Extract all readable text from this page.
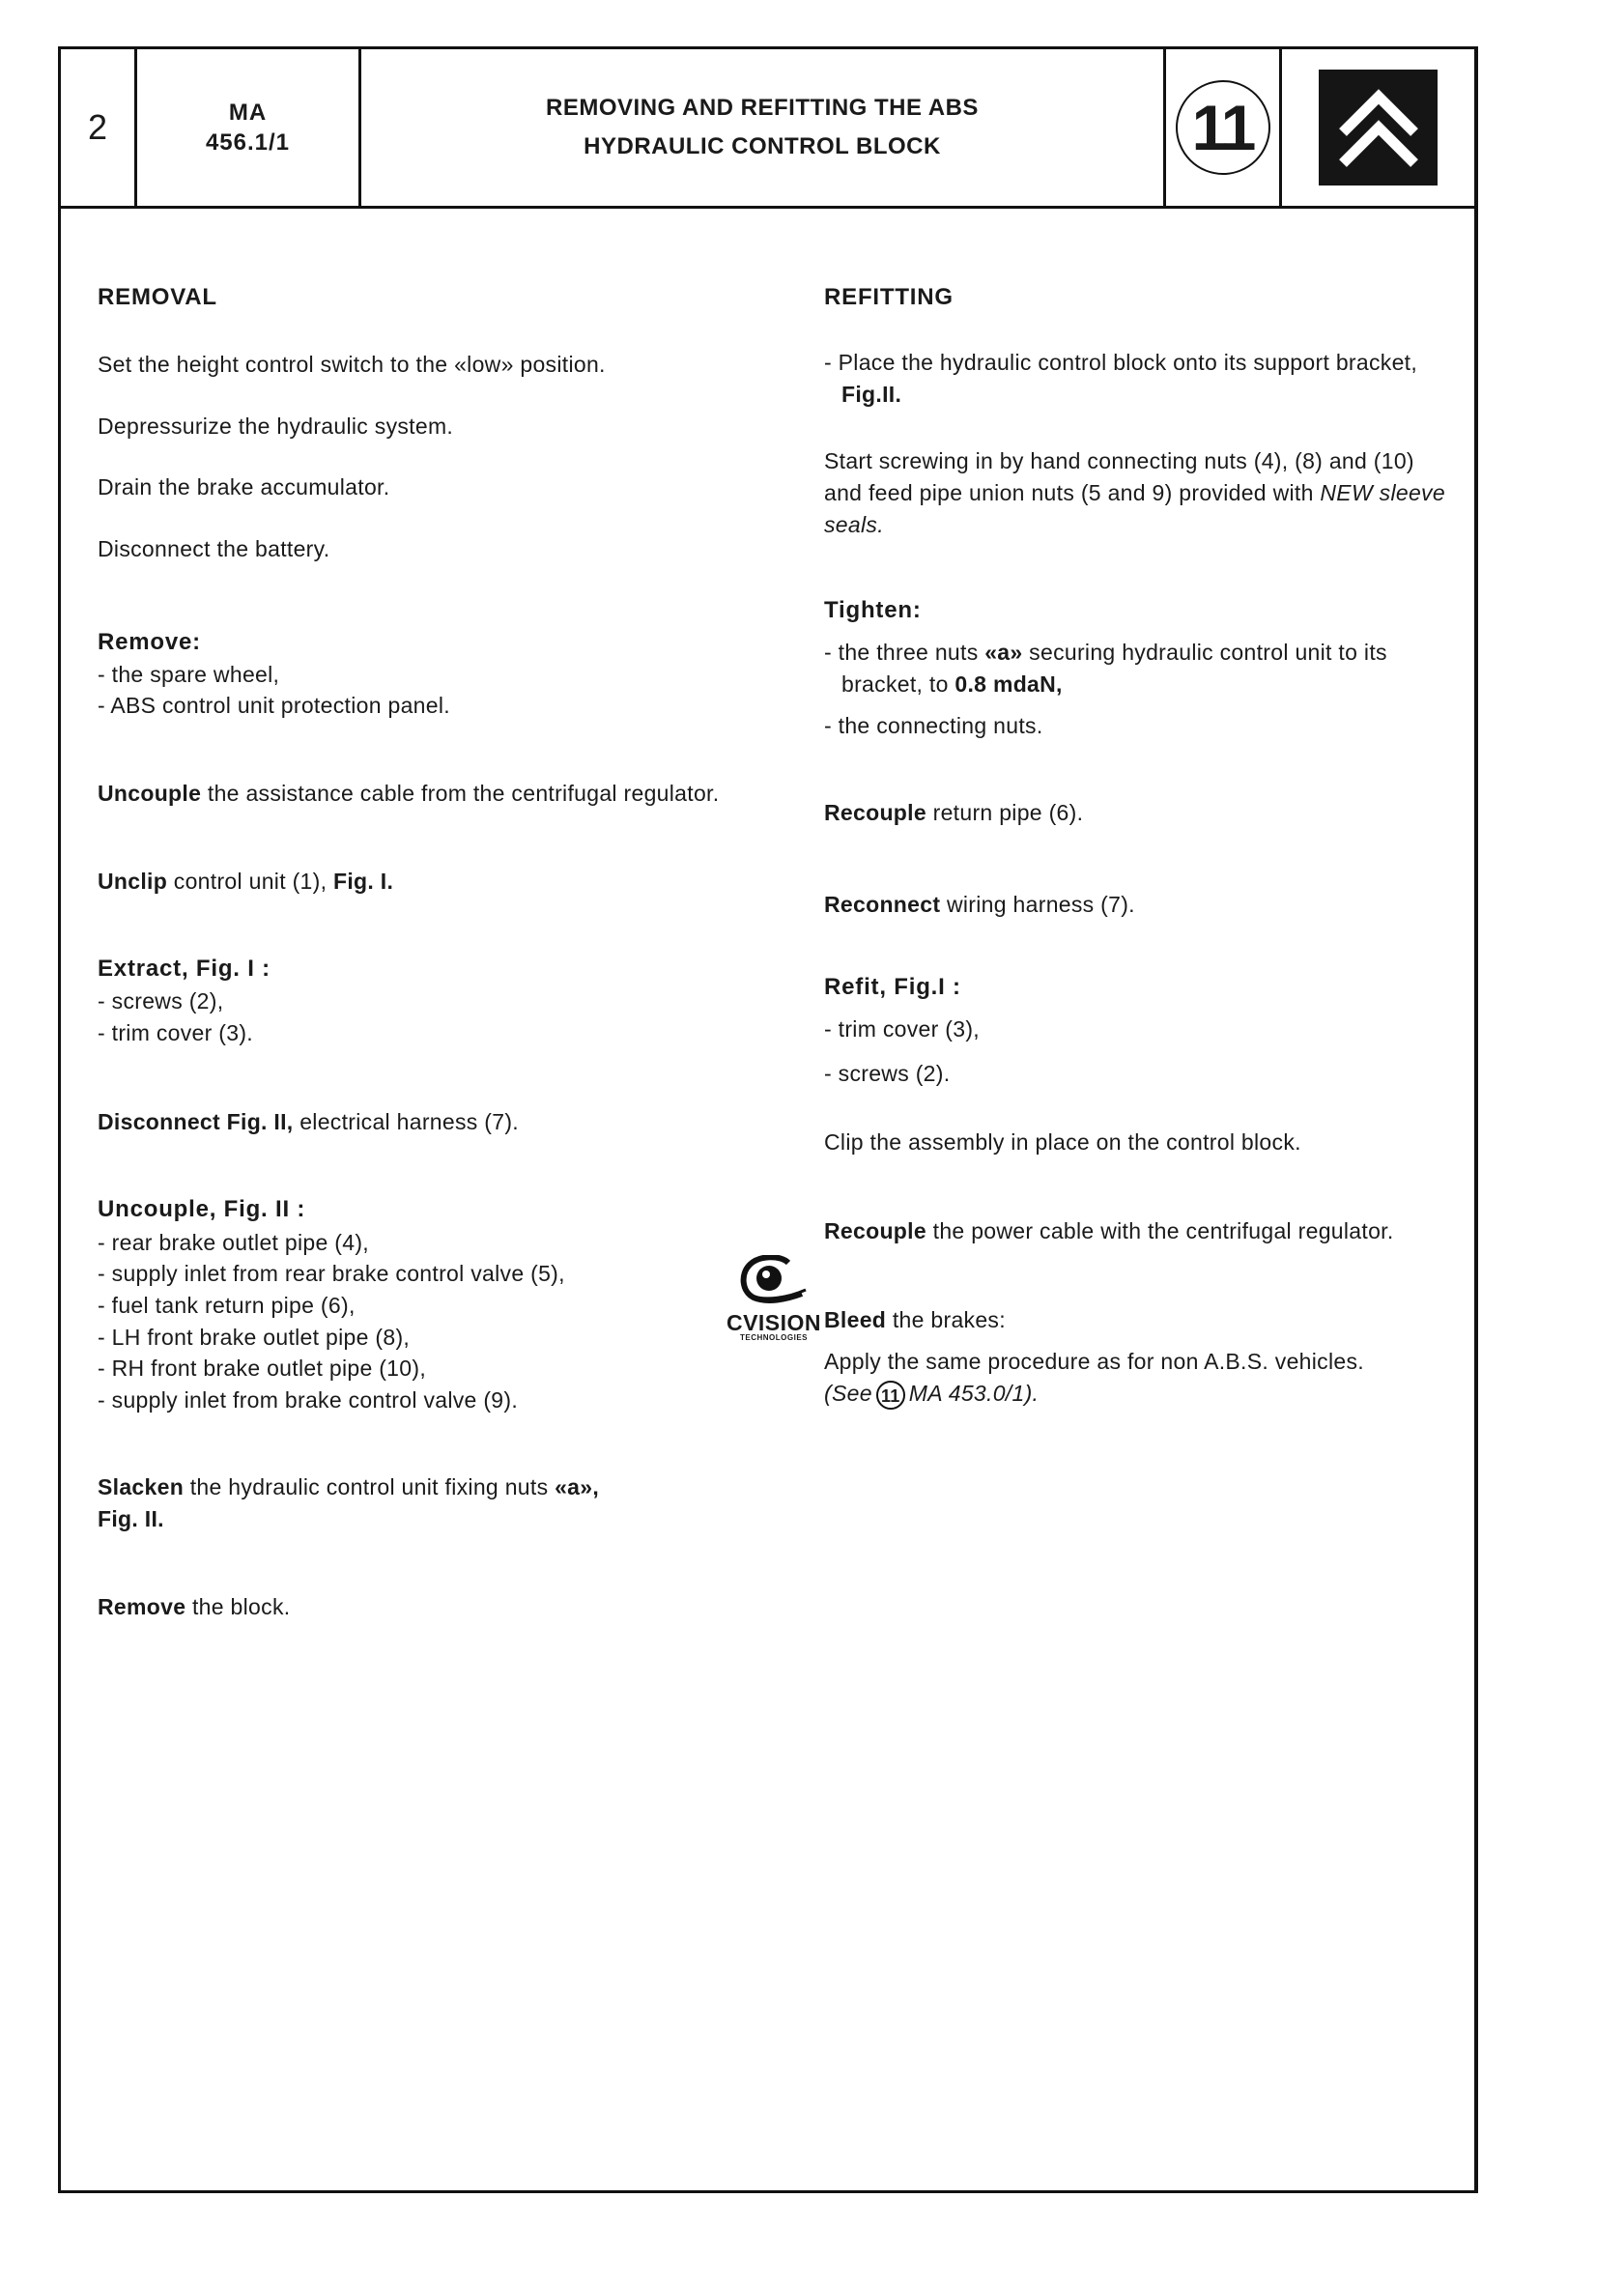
2	MA
456.1/1
REMOVING AND REFITTING THE ABS
HYDRAULIC CONTROL BLOCK	11

REMOVAL

Set the height control switch to the «low» position.

Depressurize the hydraulic system.

Drain the brake accumulator.

Disconnect the battery.

Remove:

- the spare wheel,

- ABS control unit protection panel.

Uncouple the assistance cable from the centrifugal regulator.

Unclip control unit (1), Fig. I.

Extract, Fig. I :

- screws (2),

- trim cover (3).

Disconnect Fig. II, electrical harness (7).

Uncouple, Fig. II :

- rear brake outlet pipe (4),

- supply inlet from rear brake control valve (5),

- fuel tank return pipe (6),

- LH front brake outlet pipe (8),

- RH front brake outlet pipe (10),

- supply inlet from brake control valve (9).

Slacken the hydraulic control unit fixing nuts «a»,
Fig. II.

Remove the block.

REFITTING

- Place the hydraulic control block onto its support bracket, Fig.II.

Start screwing in by hand connecting nuts (4), (8) and (10) and feed pipe union nuts (5 and 9) provided with NEW sleeve seals.

Tighten:

- the three nuts «a» securing hydraulic control unit to its bracket, to 0.8 mdaN,

- the connecting nuts.

Recouple return pipe (6).

Reconnect wiring harness (7).

Refit, Fig.I :

- trim cover (3),

- screws (2).

Clip the assembly in place on the control block.

Recouple the power cable with the centrifugal regulator.

Bleed the brakes:

Apply the same procedure as for non A.B.S. vehicles.

(See 11 MA 453.0/1).

CVISION
TECHNOLOGIES
